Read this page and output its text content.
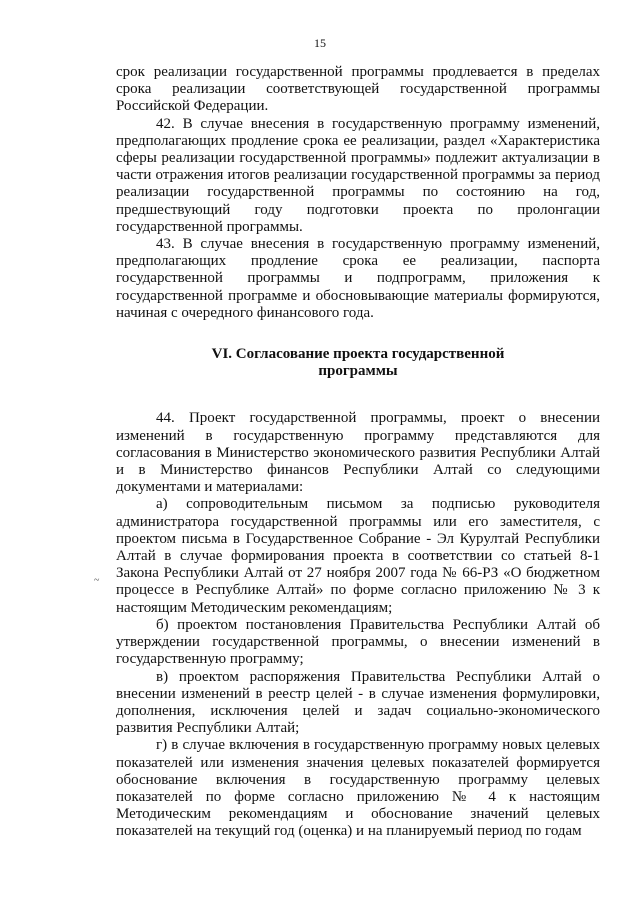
15
~

срок реализации государственной программы продлевается в пределах срока реализации соответствующей государственной программы Российской Федерации.

42. В случае внесения в государственную программу изменений, предполагающих продление срока ее реализации, раздел «Характеристика сферы реализации государственной программы» подлежит актуализации в части отражения итогов реализации государственной программы за период реализации государственной программы по состоянию на год, предшествующий году подготовки проекта по пролонгации государственной программы.

43. В случае внесения в государственную программу изменений, предполагающих продление срока ее реализации, паспорта государственной программы и подпрограмм, приложения к государственной программе и обосновывающие материалы формируются, начиная с очередного финансового года.

VI. Согласование проекта государственной программы

44. Проект государственной программы, проект о внесении изменений в государственную программу представляются для согласования в Министерство экономического развития Республики Алтай и в Министерство финансов Республики Алтай со следующими документами и материалами:

а) сопроводительным письмом за подписью руководителя администратора государственной программы или его заместителя, с проектом письма в Государственное Собрание - Эл Курултай Республики Алтай в случае формирования проекта в соответствии со статьей 8-1 Закона Республики Алтай от 27 ноября 2007 года № 66-РЗ «О бюджетном процессе в Республике Алтай» по форме согласно приложению № 3 к настоящим Методическим рекомендациям;

б) проектом постановления Правительства Республики Алтай об утверждении государственной программы, о внесении изменений в государственную программу;

в) проектом распоряжения Правительства Республики Алтай о внесении изменений в реестр целей - в случае изменения формулировки, дополнения, исключения целей и задач социально-экономического развития Республики Алтай;

г) в случае включения в государственную программу новых целевых показателей или изменения значения целевых показателей формируется обоснование включения в государственную программу целевых показателей по форме согласно приложению № 4 к настоящим Методическим рекомендациям и обоснование значений целевых показателей на текущий год (оценка) и на планируемый период по годам
